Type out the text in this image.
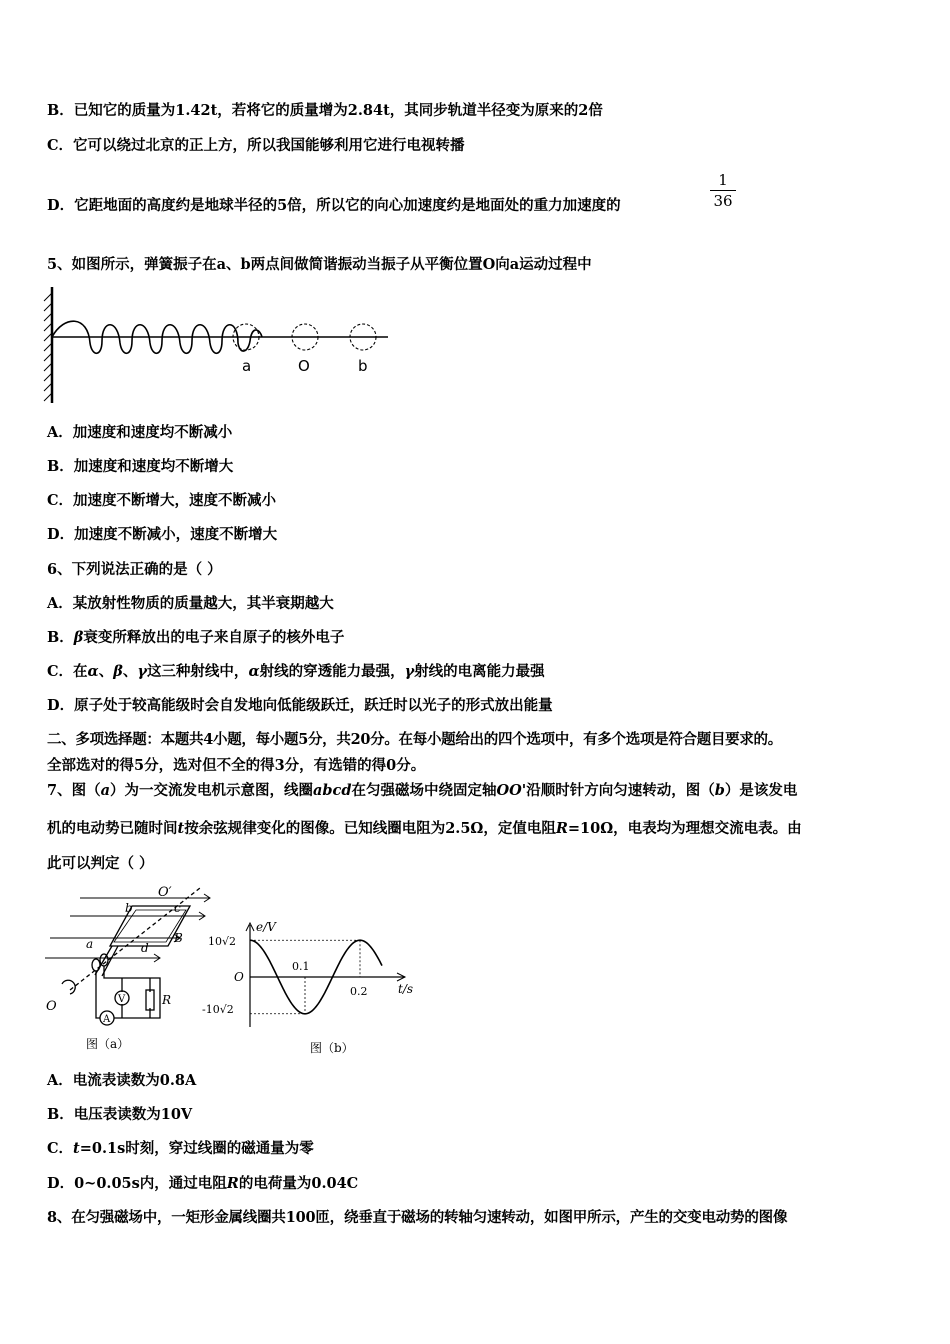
B．已知它的质量为1.42t，若将它的质量增为2.84t，其同步轨道半径变为原来的2倍
C．它可以绕过北京的正上方，所以我国能够利用它进行电视转播
D．它距地面的高度约是地球半径的5倍，所以它的向心加速度约是地面处的重力加速度的
1
36
5、如图所示，弹簧振子在a、b两点间做简谐振动当振子从平衡位置O向a运动过程中
a	O	b
A．加速度和速度均不断减小
B．加速度和速度均不断增大
C．加速度不断增大，速度不断减小
D．加速度不断减小，速度不断增大
6、下列说法正确的是（ ）
A．某放射性物质的质量越大，其半衰期越大
B．β衰变所释放出的电子来自原子的核外电子
C．在α、β、γ这三种射线中，α射线的穿透能力最强，γ射线的电离能力最强
D．原子处于较高能级时会自发地向低能级跃迁，跃迁时以光子的形式放出能量
二、多项选择题：本题共4小题，每小题5分，共20分。在每小题给出的四个选项中，有多个选项是符合题目要求的。
全部选对的得5分，选对但不全的得3分，有选错的得0分。
7、图（a）为一交流发电机示意图，线圈abcd在匀强磁场中绕固定轴OO'沿顺时针方向匀速转动，图（b）是该发电
机的电动势已随时间t按余弦规律变化的图像。已知线圈电阻为2.5Ω，定值电阻R=10Ω，电表均为理想交流电表。由
此可以判定（ ）
O′
b	c
B
a	d
O	V
A
R
图（a）
e/V
10√2
O
0.1
0.2	t/s
-10√2
图（b）
A．电流表读数为0.8A
B．电压表读数为10V
C．t=0.1s时刻，穿过线圈的磁通量为零
D．0~0.05s内，通过电阻R的电荷量为0.04C
8、在匀强磁场中，一矩形金属线圈共100匝，绕垂直于磁场的转轴匀速转动，如图甲所示，产生的交变电动势的图像
